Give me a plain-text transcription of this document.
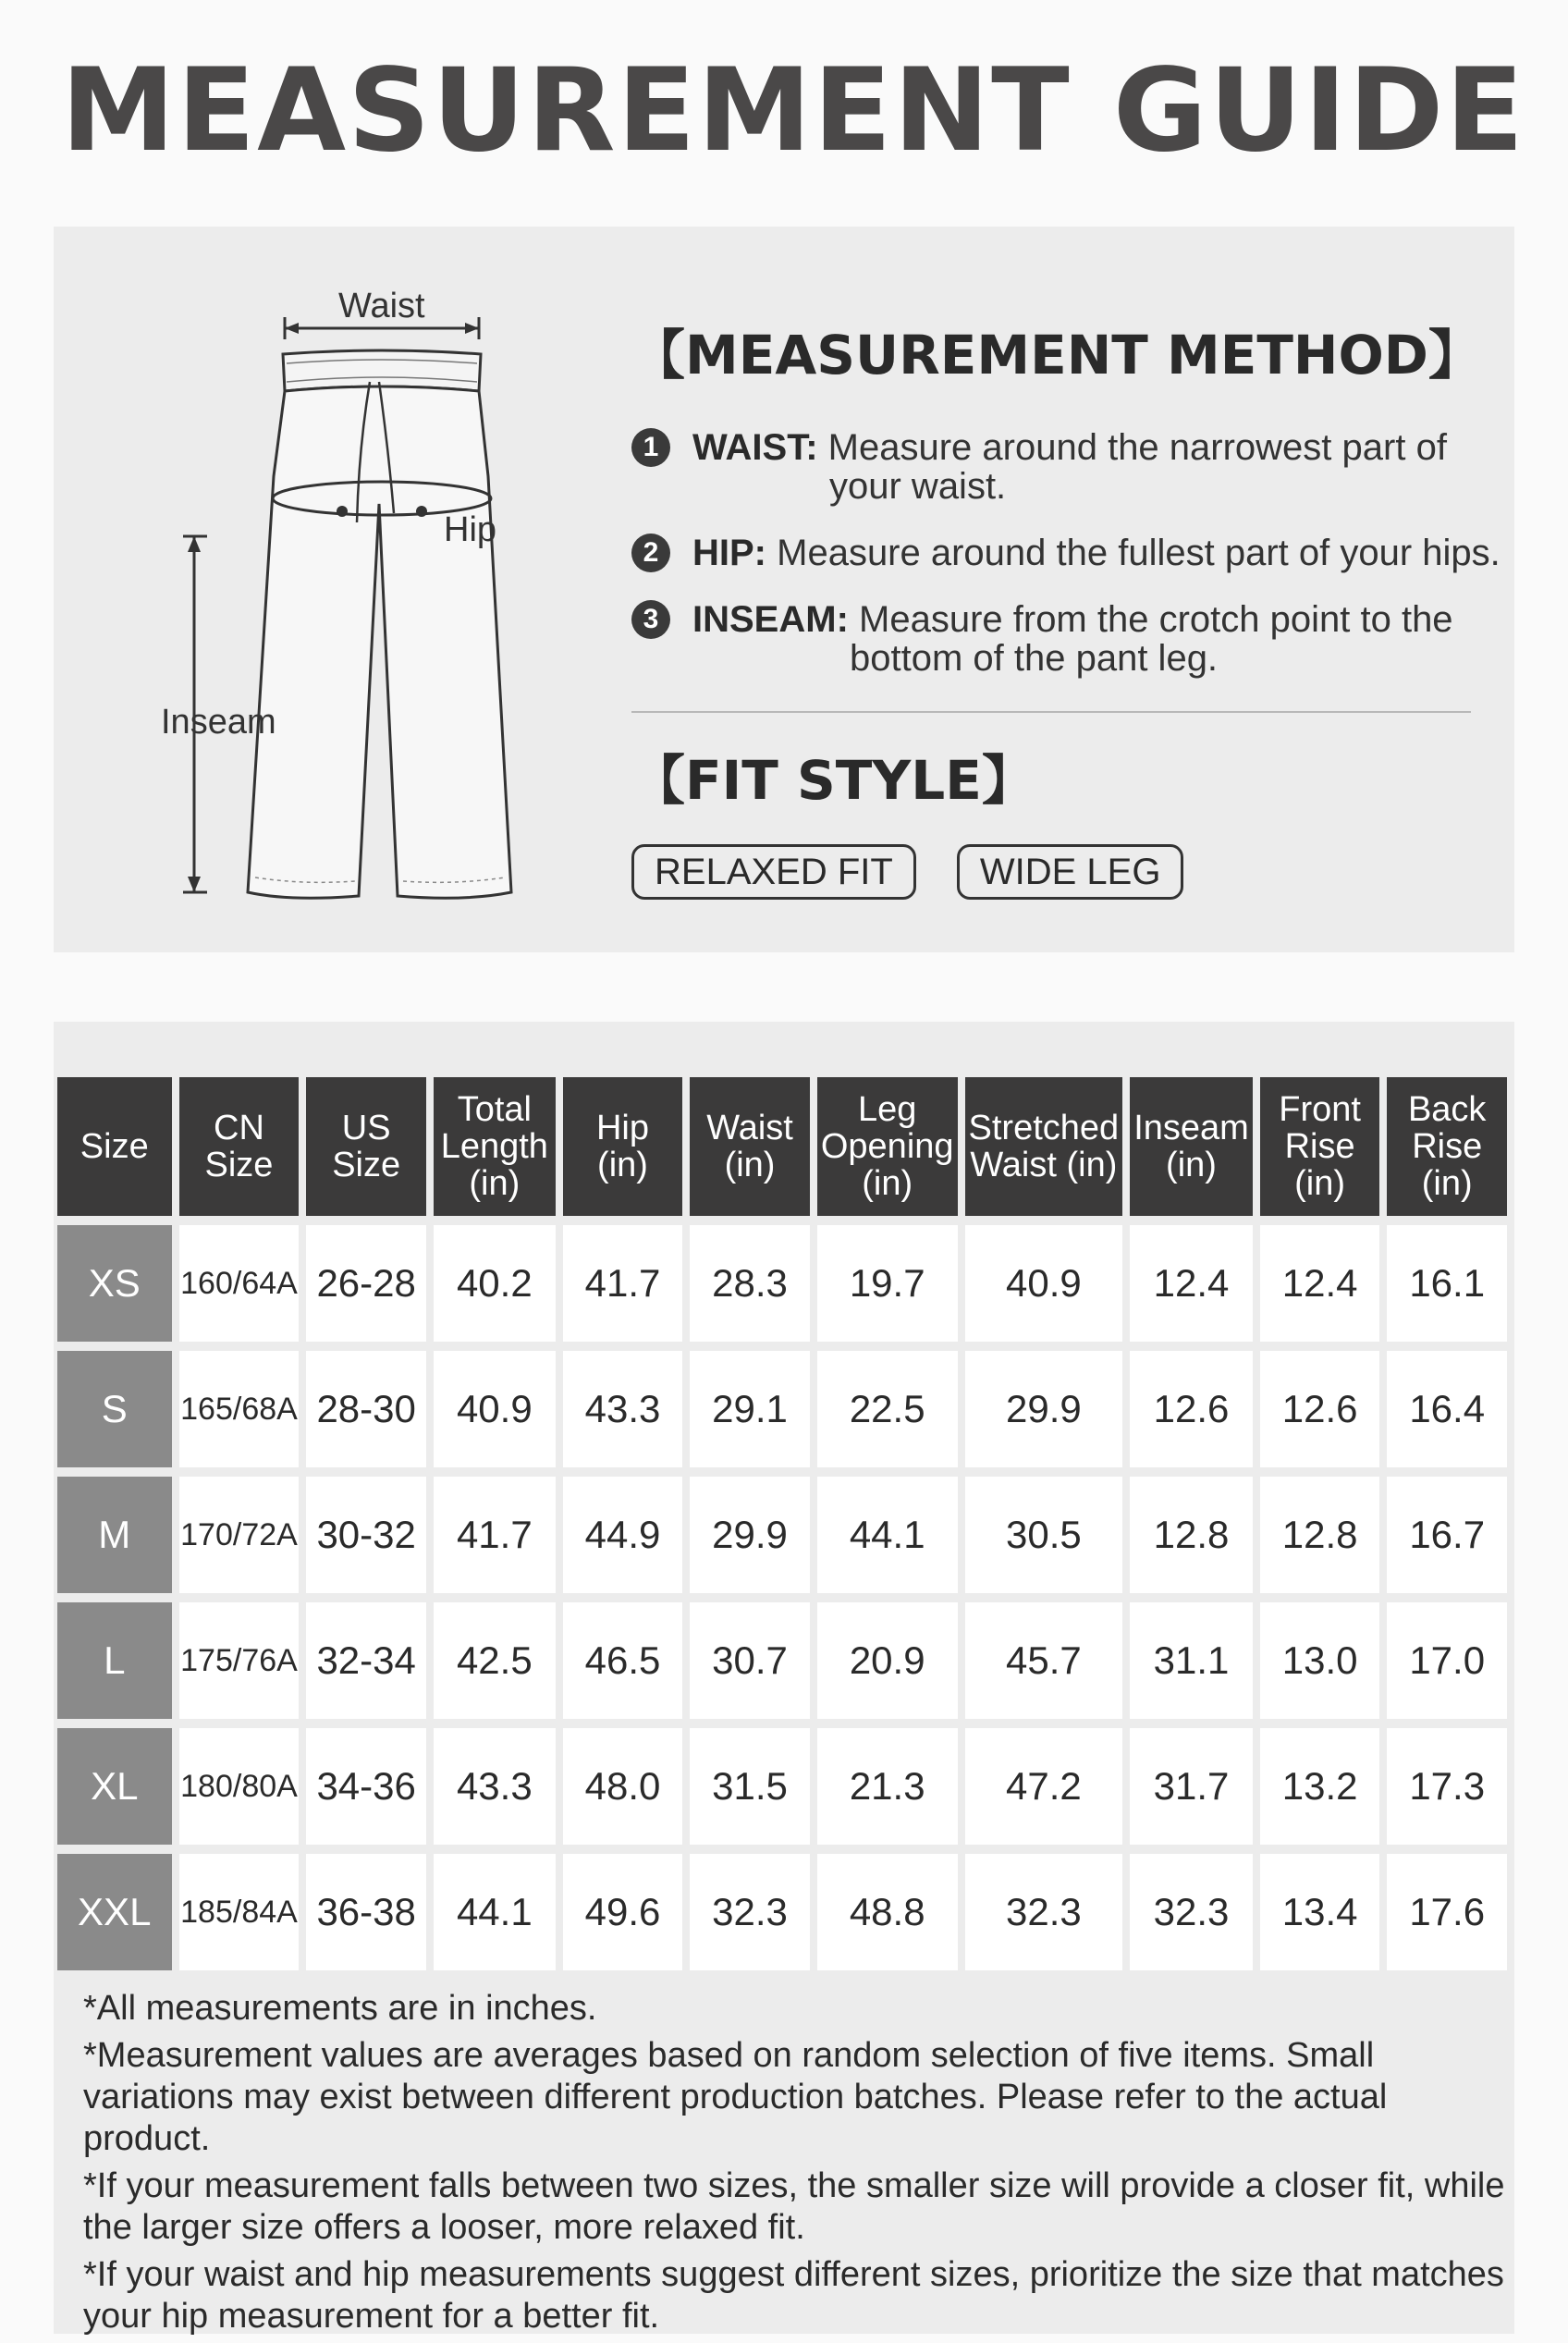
MEASUREMENT GUIDE
Waist
Hip
Inseam
【MEASUREMENT METHOD】
1 WAIST: Measure around the narrowest part of
your waist.
2 HIP: Measure around the fullest part of your hips.
3 INSEAM: Measure from the crotch point to the
bottom of the pant leg.
【FIT STYLE】
RELAXED FIT	WIDE LEG
Size	CN Size	US Size	Total Length (in)	Hip (in)	Waist (in)	Leg Opening (in)	Stretched Waist (in)	Inseam (in)	Front Rise (in)	Back Rise (in)
XS	160/64A	26-28	40.2	41.7	28.3	19.7	40.9	12.4	12.4	16.1
S	165/68A	28-30	40.9	43.3	29.1	22.5	29.9	12.6	12.6	16.4
M	170/72A	30-32	41.7	44.9	29.9	44.1	30.5	12.8	12.8	16.7
L	175/76A	32-34	42.5	46.5	30.7	20.9	45.7	31.1	13.0	17.0
XL	180/80A	34-36	43.3	48.0	31.5	21.3	47.2	31.7	13.2	17.3
XXL	185/84A	36-38	44.1	49.6	32.3	48.8	32.3	32.3	13.4	17.6
*All measurements are in inches.
*Measurement values are averages based on random selection of five items. Small variations may exist between different production batches. Please refer to the actual product.
*If your measurement falls between two sizes, the smaller size will provide a closer fit, while the larger size offers a looser, more relaxed fit.
*If your waist and hip measurements suggest different sizes, prioritize the size that matches your hip measurement for a better fit.
